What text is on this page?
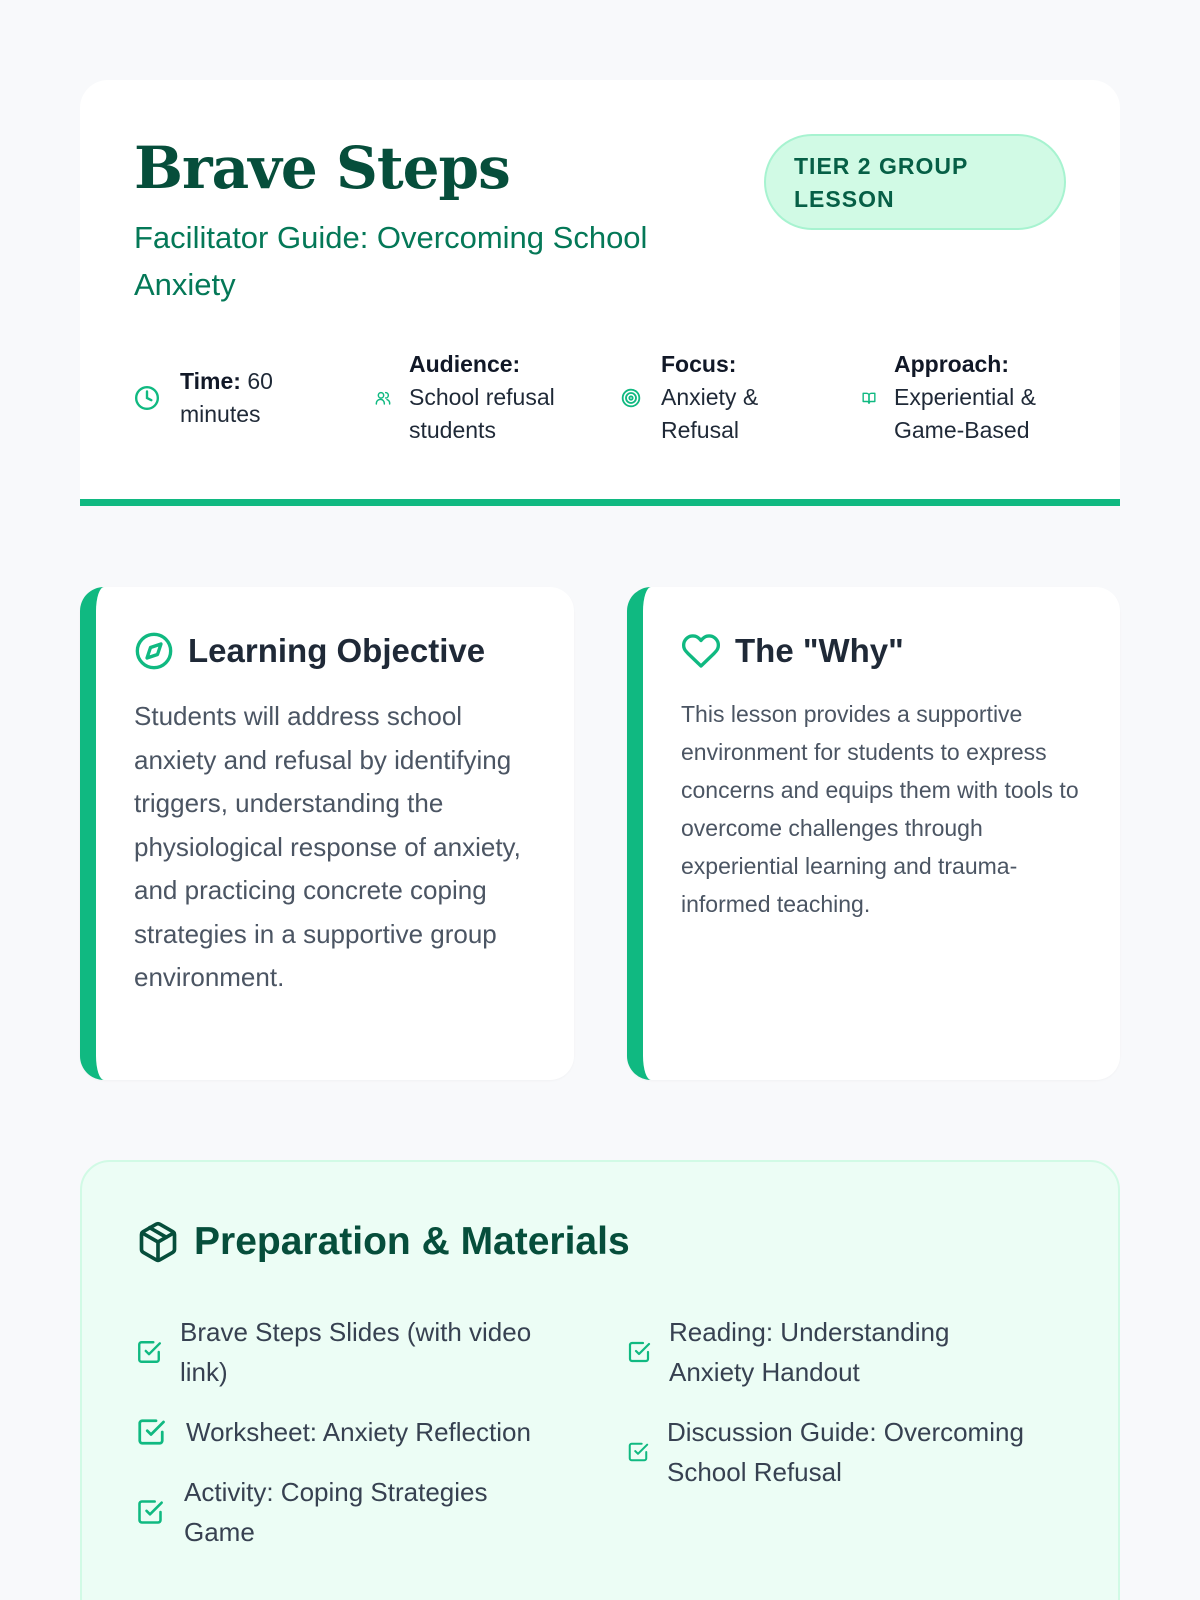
Brave Steps
Facilitator Guide: Overcoming School Anxiety
TIER 2 GROUP LESSON
Time: 60 minutes
Audience:
School refusal students
Focus:
Anxiety & Refusal
Approach:
Experiential & Game-Based
Learning Objective

Students will address school anxiety and refusal by identifying triggers, understanding the physiological response of anxiety, and practicing concrete coping strategies in a supportive group environment.

The "Why"

This lesson provides a supportive environment for students to express concerns and equips them with tools to overcome challenges through experiential learning and trauma-informed teaching.

Preparation & Materials
Brave Steps Slides (with video link)
Reading: Understanding Anxiety Handout
Worksheet: Anxiety Reflection	Discussion Guide: Overcoming School Refusal
Activity: Coping Strategies Game
